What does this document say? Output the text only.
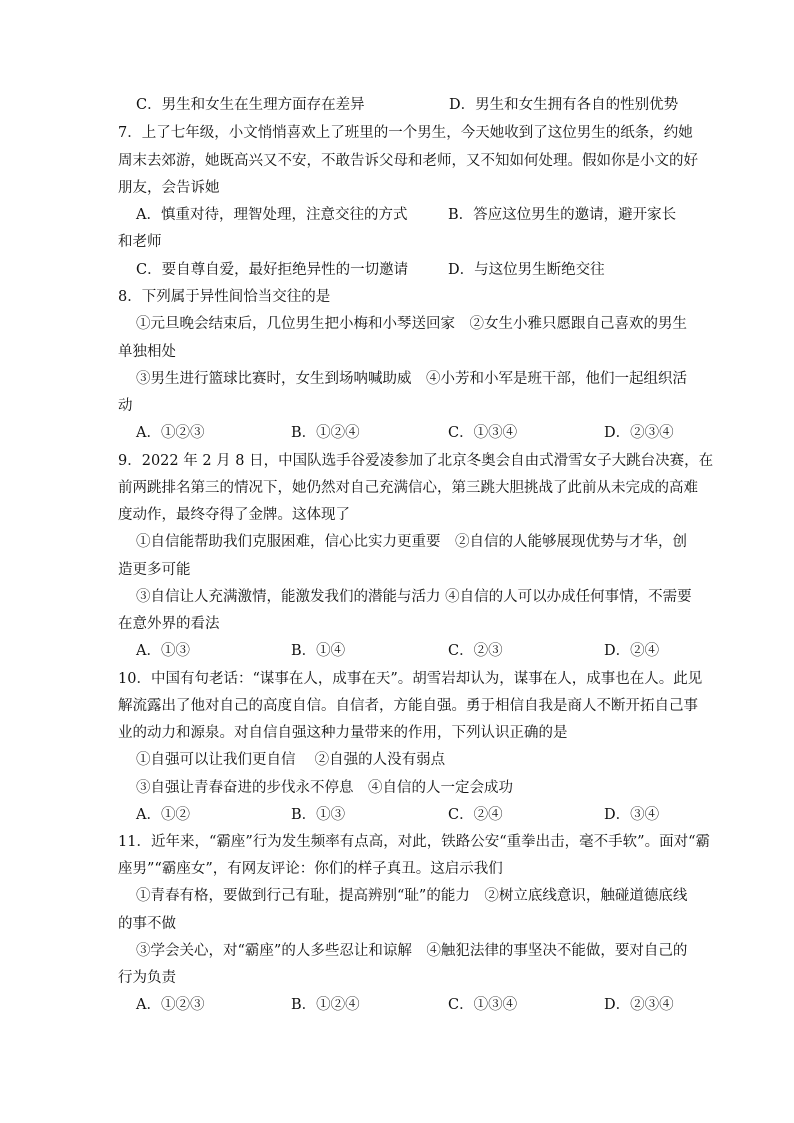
C．男生和女生在生理方面存在差异	D．男生和女生拥有各自的性别优势
7．上了七年级，小文悄悄喜欢上了班里的一个男生，今天她收到了这位男生的纸条，约她
周末去郊游，她既高兴又不安，不敢告诉父母和老师，又不知如何处理。假如你是小文的好
朋友，会告诉她
A．慎重对待，理智处理，注意交往的方式	B．答应这位男生的邀请，避开家长
和老师
C．要自尊自爱，最好拒绝异性的一切邀请	D．与这位男生断绝交往
8．下列属于异性间恰当交往的是
①元旦晚会结束后，几位男生把小梅和小琴送回家　②女生小雅只愿跟自己喜欢的男生
单独相处
③男生进行篮球比赛时，女生到场呐喊助威　④小芳和小军是班干部，他们一起组织活
动
A．①②③	B．①②④	C．①③④	D．②③④
9．2022 年 2 月 8 日，中国队选手谷爱凌参加了北京冬奥会自由式滑雪女子大跳台决赛，在
前两跳排名第三的情况下，她仍然对自己充满信心，第三跳大胆挑战了此前从未完成的高难
度动作，最终夺得了金牌。这体现了
①自信能帮助我们克服困难，信心比实力更重要　②自信的人能够展现优势与才华，创
造更多可能
③自信让人充满激情，能激发我们的潜能与活力 ④自信的人可以办成任何事情，不需要
在意外界的看法
A．①③	B．①④	C．②③	D．②④
10．中国有句老话：“谋事在人，成事在天”。胡雪岩却认为，谋事在人，成事也在人。此见
解流露出了他对自己的高度自信。自信者，方能自强。勇于相信自我是商人不断开拓自己事
业的动力和源泉。对自信自强这种力量带来的作用，下列认识正确的是
①自强可以让我们更自信　 ②自强的人没有弱点
③自强让青春奋进的步伐永不停息　④自信的人一定会成功
A．①②	B．①③	C．②④	D．③④
11．近年来，“霸座”行为发生频率有点高，对此，铁路公安“重拳出击，毫不手软”。面对“霸
座男”“霸座女”，有网友评论：你们的样子真丑。这启示我们
①青春有格，要做到行己有耻，提高辨别“耻”的能力　②树立底线意识，触碰道德底线
的事不做
③学会关心，对“霸座”的人多些忍让和谅解　④触犯法律的事坚决不能做，要对自己的
行为负责
A．①②③	B．①②④	C．①③④	D．②③④
